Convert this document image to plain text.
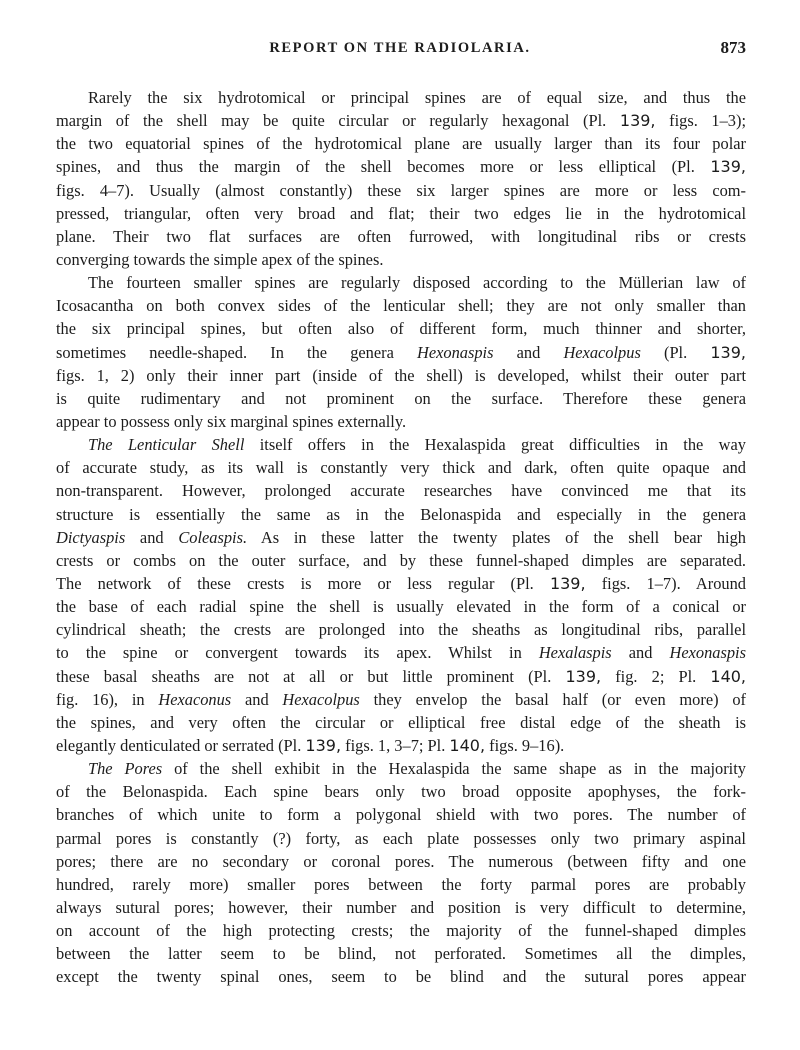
REPORT ON THE RADIOLARIA.	873
Rarely the six hydrotomical or principal spines are of equal size, and thus the
margin of the shell may be quite circular or regularly hexagonal (Pl. 139, figs. 1–3);
the two equatorial spines of the hydrotomical plane are usually larger than its four polar
spines, and thus the margin of the shell becomes more or less elliptical (Pl. 139,
figs. 4–7). Usually (almost constantly) these six larger spines are more or less com-
pressed, triangular, often very broad and flat; their two edges lie in the hydrotomical
plane. Their two flat surfaces are often furrowed, with longitudinal ribs or crests
converging towards the simple apex of the spines.
The fourteen smaller spines are regularly disposed according to the Müllerian law of
Icosacantha on both convex sides of the lenticular shell; they are not only smaller than
the six principal spines, but often also of different form, much thinner and shorter,
sometimes needle-shaped. In the genera Hexonaspis and Hexacolpus (Pl. 139,
figs. 1, 2) only their inner part (inside of the shell) is developed, whilst their outer part
is quite rudimentary and not prominent on the surface. Therefore these genera
appear to possess only six marginal spines externally.
The Lenticular Shell itself offers in the Hexalaspida great difficulties in the way
of accurate study, as its wall is constantly very thick and dark, often quite opaque and
non-transparent. However, prolonged accurate researches have convinced me that its
structure is essentially the same as in the Belonaspida and especially in the genera
Dictyaspis and Coleaspis. As in these latter the twenty plates of the shell bear high
crests or combs on the outer surface, and by these funnel-shaped dimples are separated.
The network of these crests is more or less regular (Pl. 139, figs. 1–7). Around
the base of each radial spine the shell is usually elevated in the form of a conical or
cylindrical sheath; the crests are prolonged into the sheaths as longitudinal ribs, parallel
to the spine or convergent towards its apex. Whilst in Hexalaspis and Hexonaspis
these basal sheaths are not at all or but little prominent (Pl. 139, fig. 2; Pl. 140,
fig. 16), in Hexaconus and Hexacolpus they envelop the basal half (or even more) of
the spines, and very often the circular or elliptical free distal edge of the sheath is
elegantly denticulated or serrated (Pl. 139, figs. 1, 3–7; Pl. 140, figs. 9–16).
The Pores of the shell exhibit in the Hexalaspida the same shape as in the majority
of the Belonaspida. Each spine bears only two broad opposite apophyses, the fork-
branches of which unite to form a polygonal shield with two pores. The number of
parmal pores is constantly (?) forty, as each plate possesses only two primary aspinal
pores; there are no secondary or coronal pores. The numerous (between fifty and one
hundred, rarely more) smaller pores between the forty parmal pores are probably
always sutural pores; however, their number and position is very difficult to determine,
on account of the high protecting crests; the majority of the funnel-shaped dimples
between the latter seem to be blind, not perforated. Sometimes all the dimples,
except the twenty spinal ones, seem to be blind and the sutural pores appear
